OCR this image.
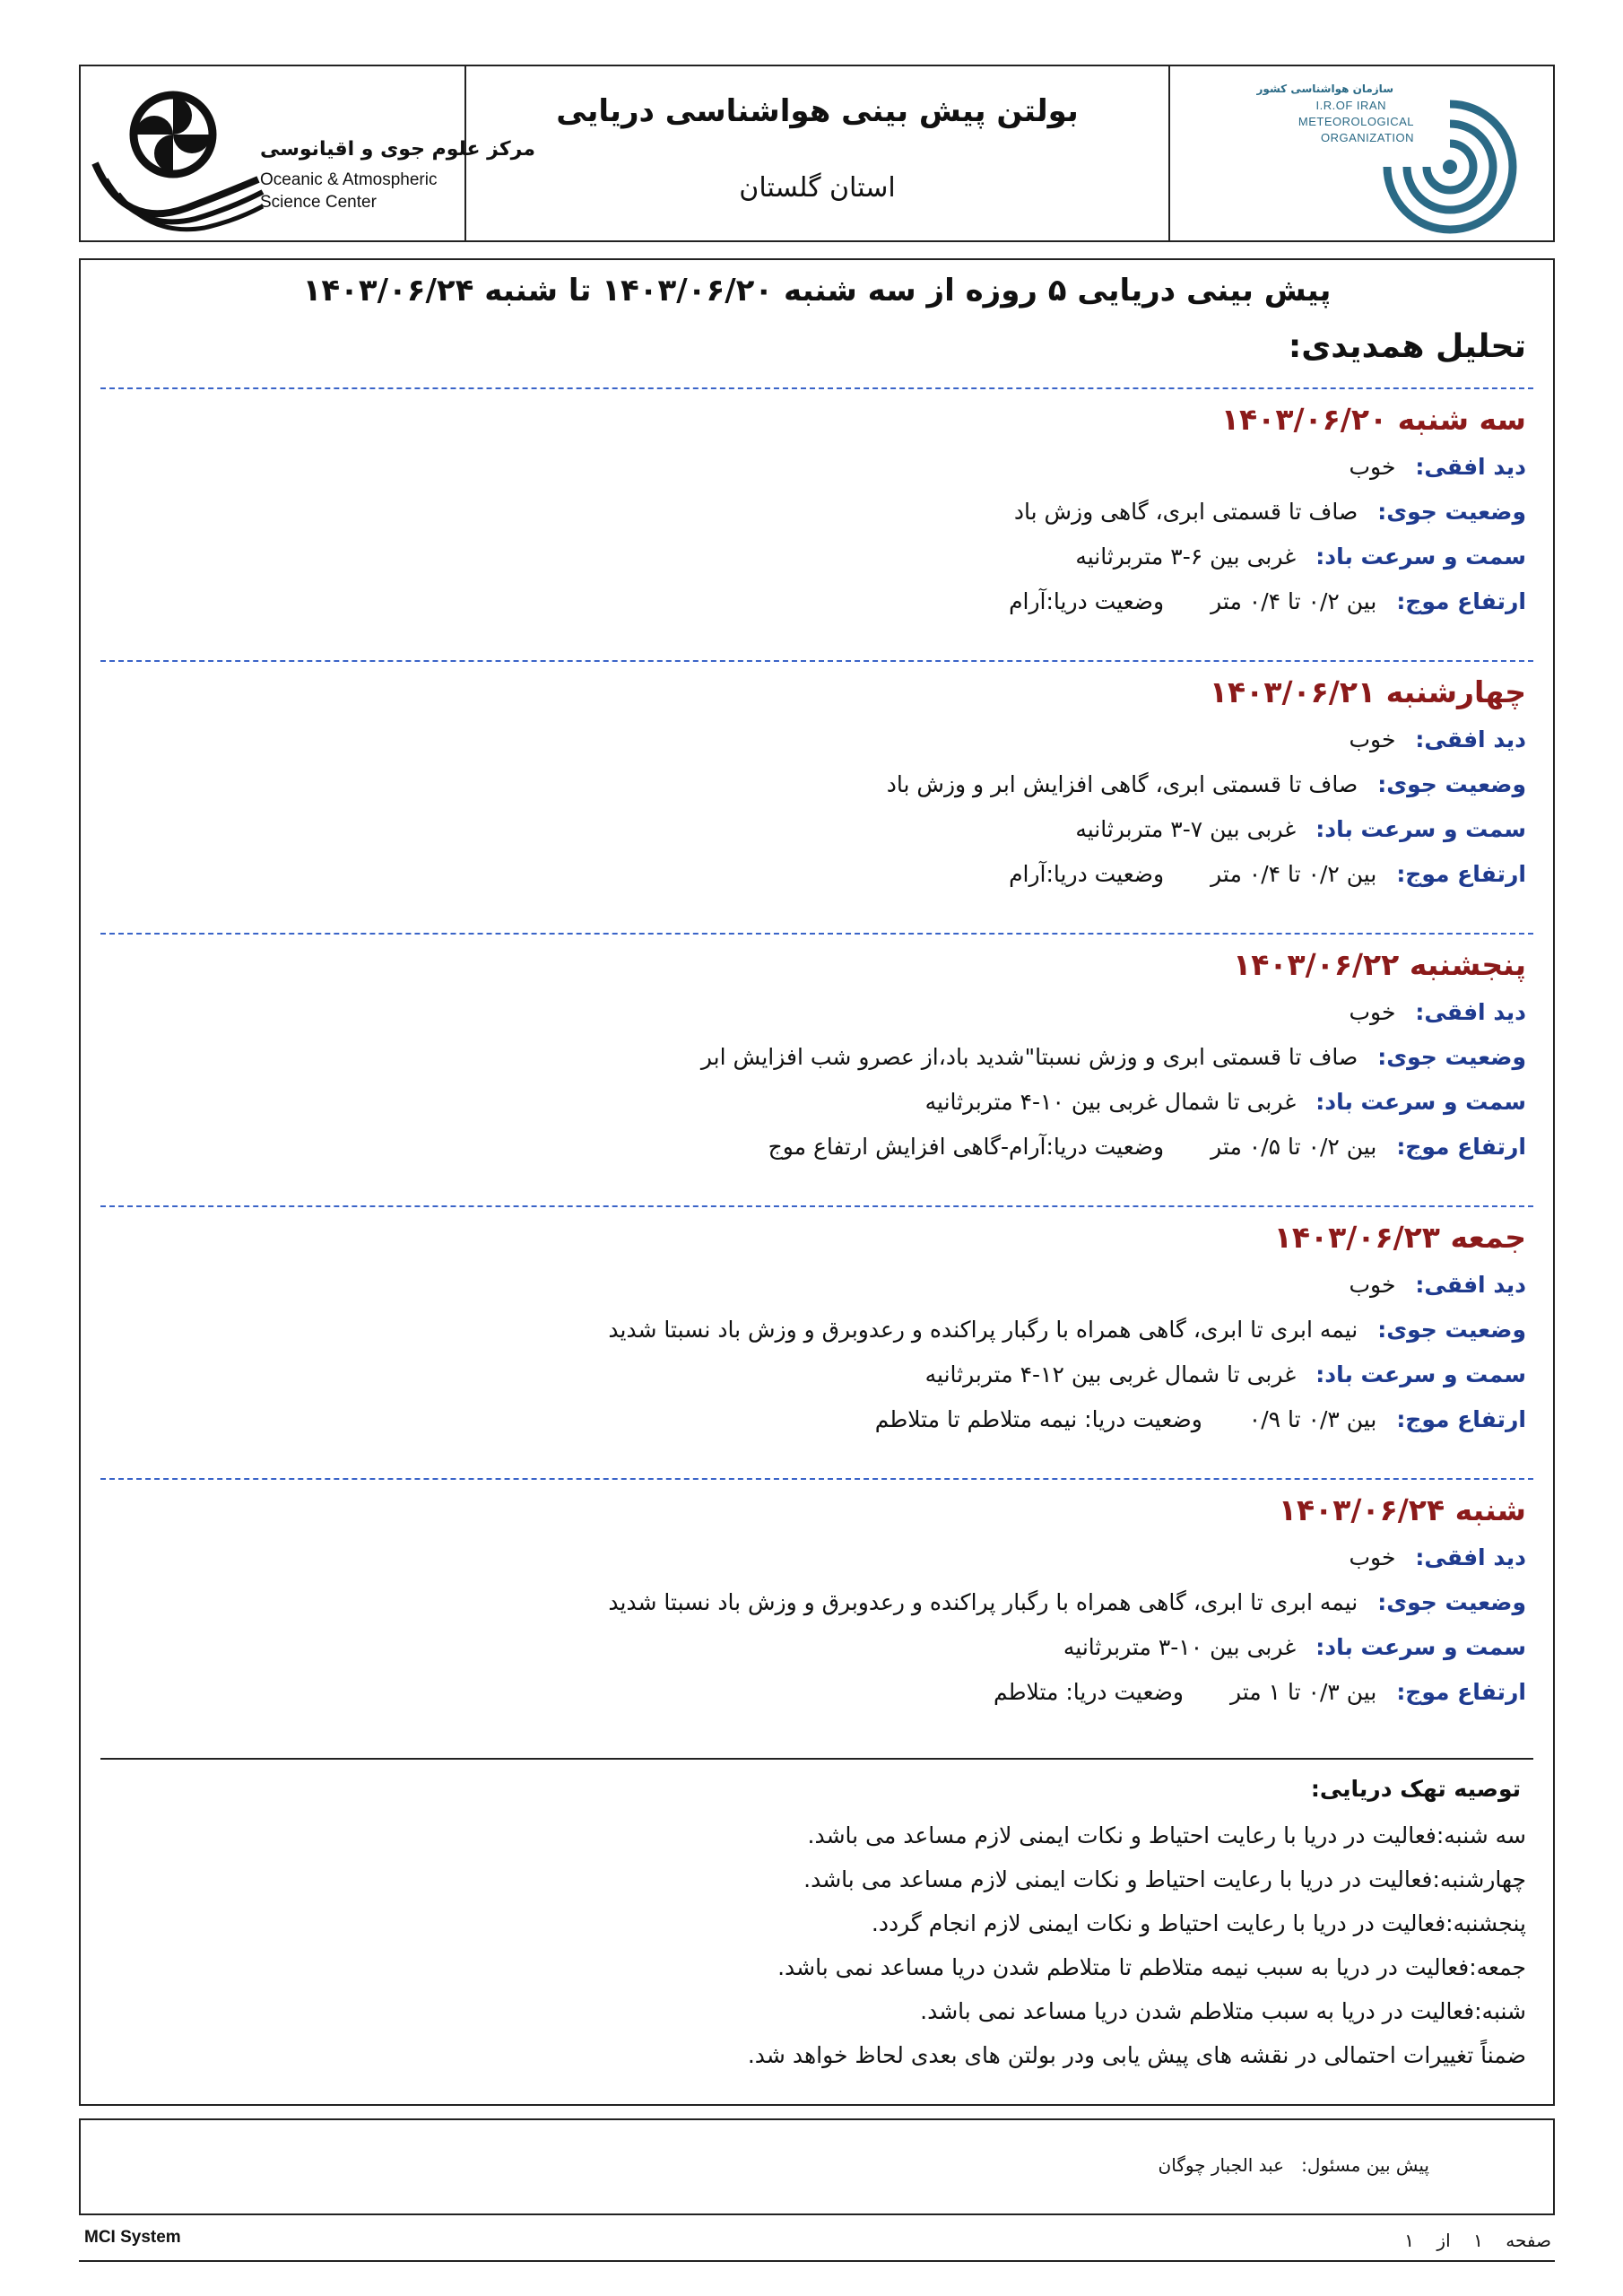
مرکز علوم جوی و اقیانوسی
Oceanic & Atmospheric
Science Center
بولتن پیش بینی هواشناسی دریایی
استان گلستان
سازمان هواشناسی کشور
I.R.OF IRAN
METEOROLOGICAL
ORGANIZATION
پیش بینی دریایی ۵ روزه از سه شنبه ۱۴۰۳/۰۶/۲۰ تا شنبه ۱۴۰۳/۰۶/۲۴
تحلیل همدیدی:
سه شنبه ۱۴۰۳/۰۶/۲۰
دید افقی:خوب
وضعیت جوی:صاف تا قسمتی ابری، گاهی وزش باد
سمت و سرعت باد:غربی بین ۶-۳ متربرثانیه
ارتفاع موج:بین ۰/۲ تا ۰/۴ متروضعیت دریا:آرام
چهارشنبه ۱۴۰۳/۰۶/۲۱
دید افقی:خوب
وضعیت جوی:صاف تا قسمتی ابری، گاهی افزایش ابر و وزش باد
سمت و سرعت باد:غربی بین ۷-۳ متربرثانیه
ارتفاع موج:بین ۰/۲ تا ۰/۴ متروضعیت دریا:آرام
پنجشنبه ۱۴۰۳/۰۶/۲۲
دید افقی:خوب
وضعیت جوی:صاف تا قسمتی ابری و وزش نسبتا"شدید باد،از عصرو شب افزایش ابر
سمت و سرعت باد:غربی تا شمال غربی بین ۱۰-۴ متربرثانیه
ارتفاع موج:بین ۰/۲ تا ۰/۵ متروضعیت دریا:آرام-گاهی افزایش ارتفاع موج
جمعه ۱۴۰۳/۰۶/۲۳
دید افقی:خوب
وضعیت جوی:نیمه ابری تا ابری، گاهی همراه با رگبار پراکنده و رعدوبرق و وزش باد نسبتا شدید
سمت و سرعت باد:غربی تا شمال غربی بین ۱۲-۴ متربرثانیه
ارتفاع موج:بین ۰/۳ تا ۰/۹وضعیت دریا: نیمه متلاطم تا متلاطم
شنبه ۱۴۰۳/۰۶/۲۴
دید افقی:خوب
وضعیت جوی:نیمه ابری تا ابری، گاهی همراه با رگبار پراکنده و رعدوبرق و وزش باد نسبتا شدید
سمت و سرعت باد:غربی بین ۱۰-۳ متربرثانیه
ارتفاع موج:بین ۰/۳ تا ۱ متروضعیت دریا: متلاطم
توصیه تهک دریایی:
سه شنبه:فعالیت در دریا با رعایت احتیاط و نکات ایمنی لازم مساعد می باشد.
چهارشنبه:فعالیت در دریا با رعایت احتیاط و نکات ایمنی لازم مساعد می باشد.
پنجشنبه:فعالیت در دریا با رعایت احتیاط و نکات ایمنی لازم انجام گردد.
جمعه:فعالیت در دریا به سبب نیمه متلاطم تا متلاطم شدن دریا مساعد نمی باشد.
شنبه:فعالیت در دریا به سبب متلاطم شدن دریا مساعد نمی باشد.
ضمناً تغییرات احتمالی در نقشه های پیش یابی ودر بولتن های بعدی لحاظ خواهد شد.
پیش بین مسئول:   عبد الجبار چوگان
MCI System	صفحه    ۱    از    ۱
